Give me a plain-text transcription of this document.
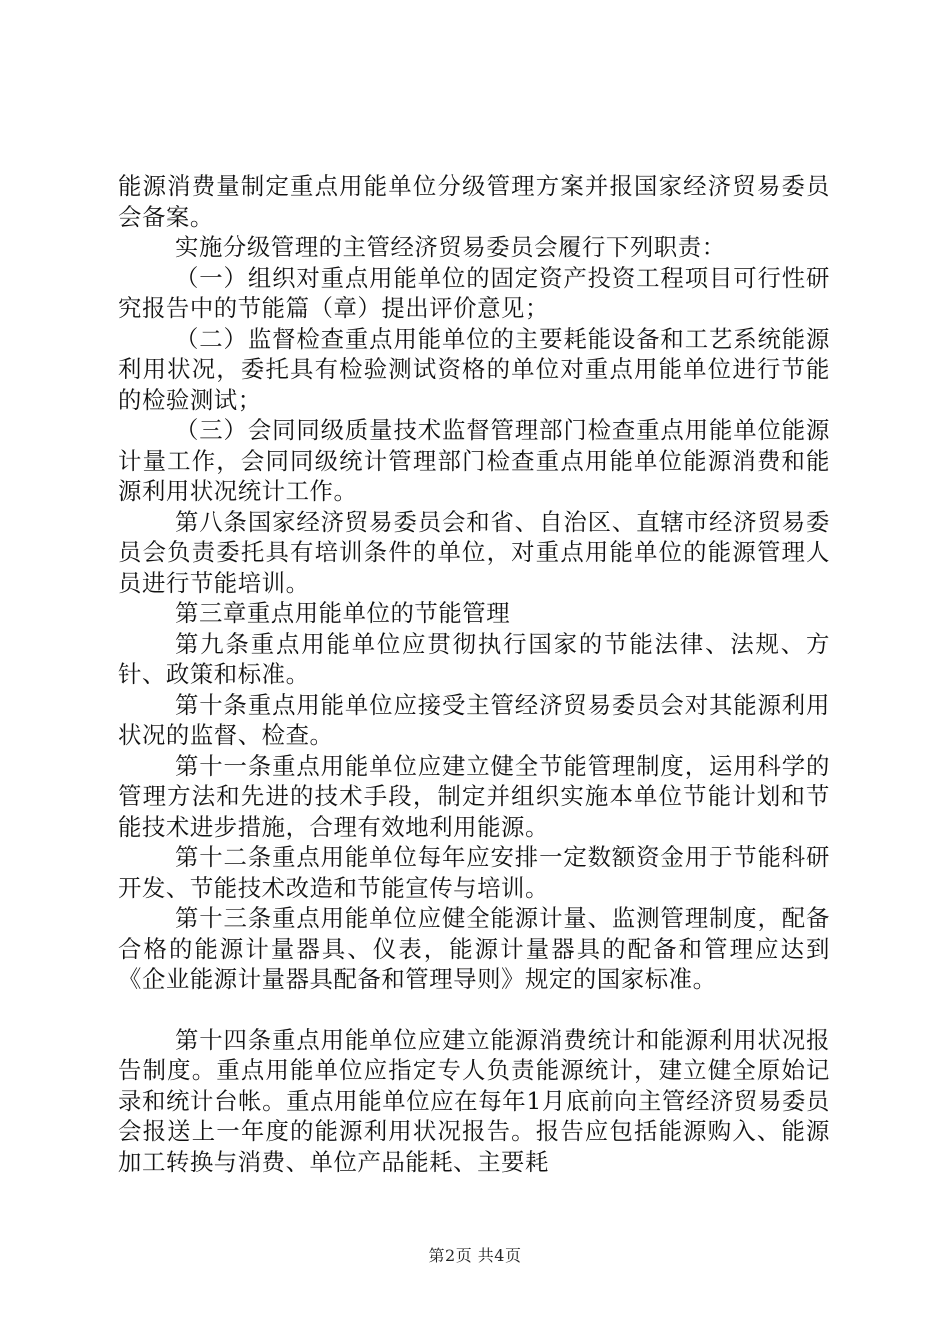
能源消费量制定重点用能单位分级管理方案并报国家经济贸易委员会备案。

实施分级管理的主管经济贸易委员会履行下列职责：

（一）组织对重点用能单位的固定资产投资工程项目可行性研究报告中的节能篇（章）提出评价意见；

（二）监督检查重点用能单位的主要耗能设备和工艺系统能源利用状况，委托具有检验测试资格的单位对重点用能单位进行节能的检验测试；

（三）会同同级质量技术监督管理部门检查重点用能单位能源计量工作，会同同级统计管理部门检查重点用能单位能源消费和能源利用状况统计工作。

第八条国家经济贸易委员会和省、自治区、直辖市经济贸易委员会负责委托具有培训条件的单位，对重点用能单位的能源管理人员进行节能培训。

第三章重点用能单位的节能管理

第九条重点用能单位应贯彻执行国家的节能法律、法规、方针、政策和标准。

第十条重点用能单位应接受主管经济贸易委员会对其能源利用状况的监督、检查。

第十一条重点用能单位应建立健全节能管理制度，运用科学的管理方法和先进的技术手段，制定并组织实施本单位节能计划和节能技术进步措施，合理有效地利用能源。

第十二条重点用能单位每年应安排一定数额资金用于节能科研开发、节能技术改造和节能宣传与培训。

第十三条重点用能单位应健全能源计量、监测管理制度，配备合格的能源计量器具、仪表，能源计量器具的配备和管理应达到《企业能源计量器具配备和管理导则》规定的国家标准。

第十四条重点用能单位应建立能源消费统计和能源利用状况报告制度。重点用能单位应指定专人负责能源统计，建立健全原始记录和统计台帐。重点用能单位应在每年1月底前向主管经济贸易委员会报送上一年度的能源利用状况报告。报告应包括能源购入、能源加工转换与消费、单位产品能耗、主要耗

第2页 共4页
